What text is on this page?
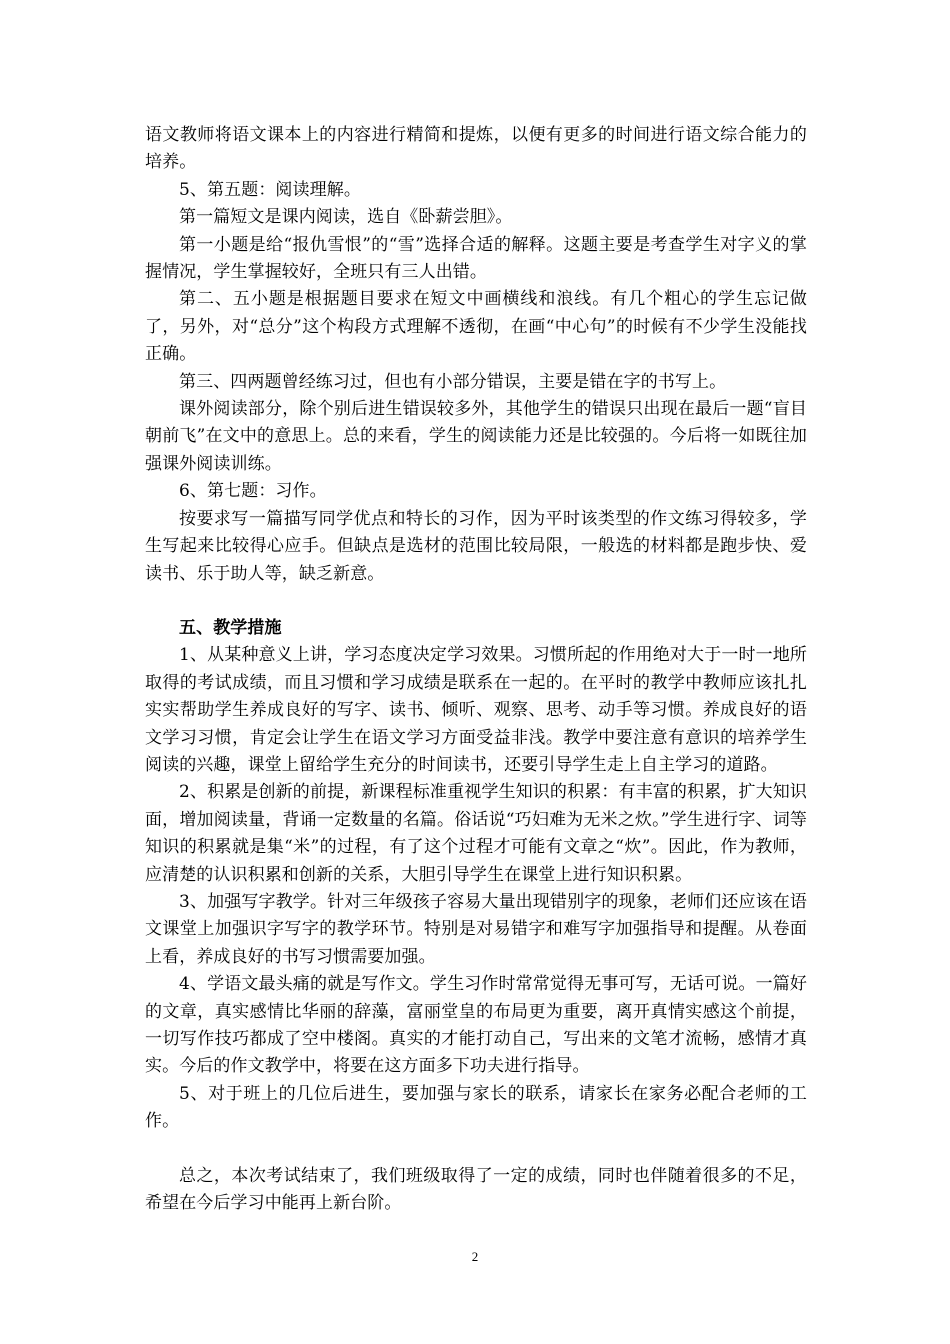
语文教师将语文课本上的内容进行精简和提炼，以便有更多的时间进行语文综合能力的培养。

5、第五题：阅读理解。

第一篇短文是课内阅读，选自《卧薪尝胆》。

第一小题是给“报仇雪恨”的“雪”选择合适的解释。这题主要是考查学生对字义的掌握情况，学生掌握较好，全班只有三人出错。

第二、五小题是根据题目要求在短文中画横线和浪线。有几个粗心的学生忘记做了，另外，对“总分”这个构段方式理解不透彻，在画“中心句”的时候有不少学生没能找正确。

第三、四两题曾经练习过，但也有小部分错误，主要是错在字的书写上。

课外阅读部分，除个别后进生错误较多外，其他学生的错误只出现在最后一题“盲目朝前飞”在文中的意思上。总的来看，学生的阅读能力还是比较强的。今后将一如既往加强课外阅读训练。

6、第七题：习作。

按要求写一篇描写同学优点和特长的习作，因为平时该类型的作文练习得较多，学生写起来比较得心应手。但缺点是选材的范围比较局限，一般选的材料都是跑步快、爱读书、乐于助人等，缺乏新意。

五、教学措施

1、从某种意义上讲，学习态度决定学习效果。习惯所起的作用绝对大于一时一地所取得的考试成绩，而且习惯和学习成绩是联系在一起的。在平时的教学中教师应该扎扎实实帮助学生养成良好的写字、读书、倾听、观察、思考、动手等习惯。养成良好的语文学习习惯，肯定会让学生在语文学习方面受益非浅。教学中要注意有意识的培养学生阅读的兴趣，课堂上留给学生充分的时间读书，还要引导学生走上自主学习的道路。

2、积累是创新的前提，新课程标准重视学生知识的积累：有丰富的积累，扩大知识面，增加阅读量，背诵一定数量的名篇。俗话说“巧妇难为无米之炊。”学生进行字、词等知识的积累就是集“米”的过程，有了这个过程才可能有文章之“炊”。因此，作为教师，应清楚的认识积累和创新的关系，大胆引导学生在课堂上进行知识积累。

3、加强写字教学。针对三年级孩子容易大量出现错别字的现象，老师们还应该在语文课堂上加强识字写字的教学环节。特别是对易错字和难写字加强指导和提醒。从卷面上看，养成良好的书写习惯需要加强。

4、学语文最头痛的就是写作文。学生习作时常常觉得无事可写，无话可说。一篇好的文章，真实感情比华丽的辞藻，富丽堂皇的布局更为重要，离开真情实感这个前提，一切写作技巧都成了空中楼阁。真实的才能打动自己，写出来的文笔才流畅，感情才真实。今后的作文教学中，将要在这方面多下功夫进行指导。

5、对于班上的几位后进生，要加强与家长的联系，请家长在家务必配合老师的工作。

总之，本次考试结束了，我们班级取得了一定的成绩，同时也伴随着很多的不足，希望在今后学习中能再上新台阶。

2
